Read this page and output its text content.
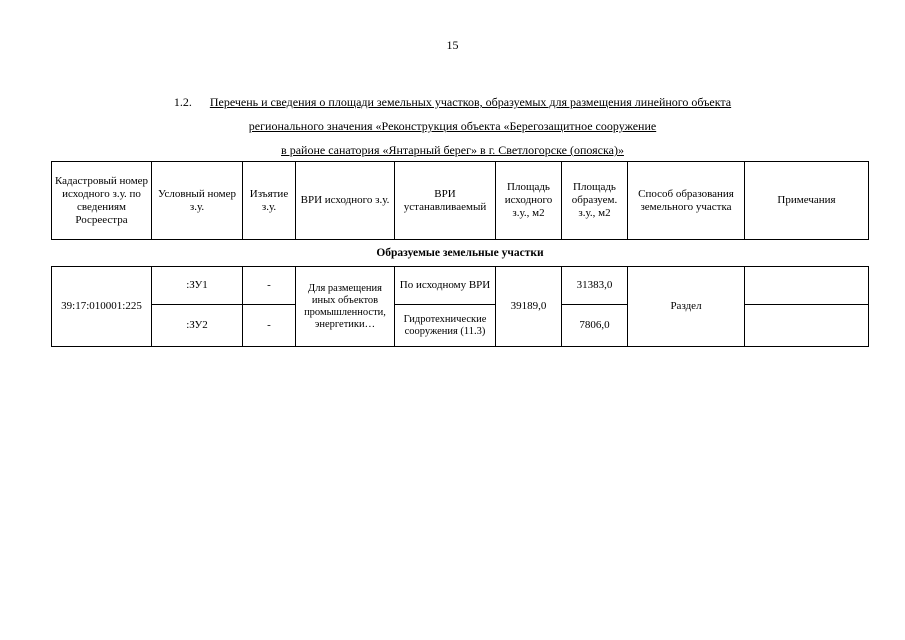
15
1.2. Перечень и сведения о площади земельных участков, образуемых для размещения линейного объекта
регионального значения «Реконструкция объекта «Берегозащитное сооружение
в районе санатория «Янтарный берег» в г. Светлогорске (опояска)»
Кадастровый номер исходного з.у. по сведениям Росреестра	Условный номер з.у.	Изъятие з.у.	ВРИ исходного з.у.	ВРИ устанавливаемый	Площадь исходного з.у., м2	Площадь образуем. з.у., м2	Способ образования земельного участка	Примечания
Образуемые земельные участки								
39:17:010001:225	:ЗУ1	-	Для размещения иных объектов промышленности, энергетики…	По исходному ВРИ	39189,0	31383,0	Раздел	
	:ЗУ2	-		Гидротехнические сооружения (11.3)		7806,0		
